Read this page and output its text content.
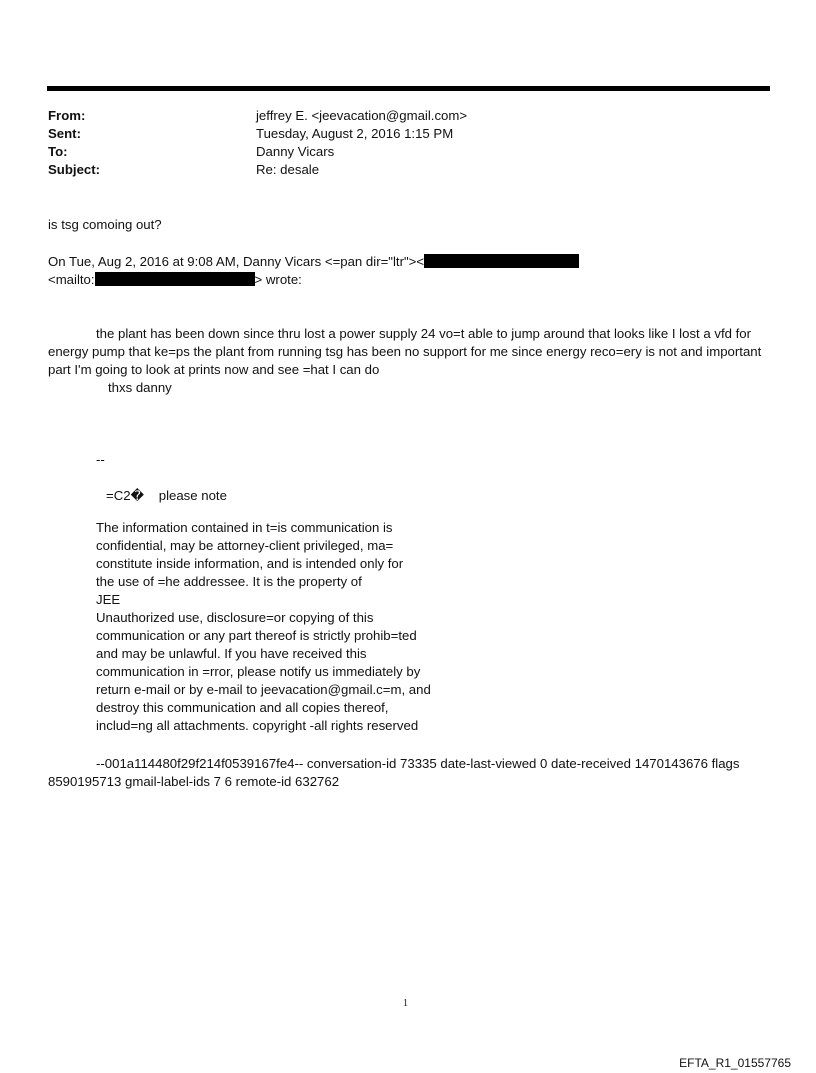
From:	jeffrey E. <jeevacation@gmail.com>
Sent:	Tuesday, August 2, 2016 1:15 PM
To:	Danny Vicars
Subject:	Re: desale
is tsg comoing out?
On Tue, Aug 2, 2016 at 9:08 AM, Danny Vicars <=pan dir="ltr"><
<mailto:	> wrote:
the plant has been down since thru lost a power supply 24 vo=t able to jump around that looks like I lost a vfd for energy pump that ke=ps the plant from running tsg has been no support for me since energy reco=ery is not and important part I'm going to look at prints now and see =hat I can do
thxs danny
--
=C2�    please note
The information contained in t=is communication is
confidential, may be attorney-client privileged, ma=
constitute inside information, and is intended only for
the use of =he addressee. It is the property of
JEE
Unauthorized use, disclosure=or copying of this
communication or any part thereof is strictly prohib=ted
and may be unlawful. If you have received this
communication in =rror, please notify us immediately by
return e-mail or by e-mail to jeevacation@gmail.c=m, and
destroy this communication and all copies thereof,
includ=ng all attachments. copyright -all rights reserved
--001a114480f29f214f0539167fe4-- conversation-id 73335 date-last-viewed 0 date-received 1470143676 flags 8590195713 gmail-label-ids 7 6 remote-id 632762
1
EFTA_R1_01557765
